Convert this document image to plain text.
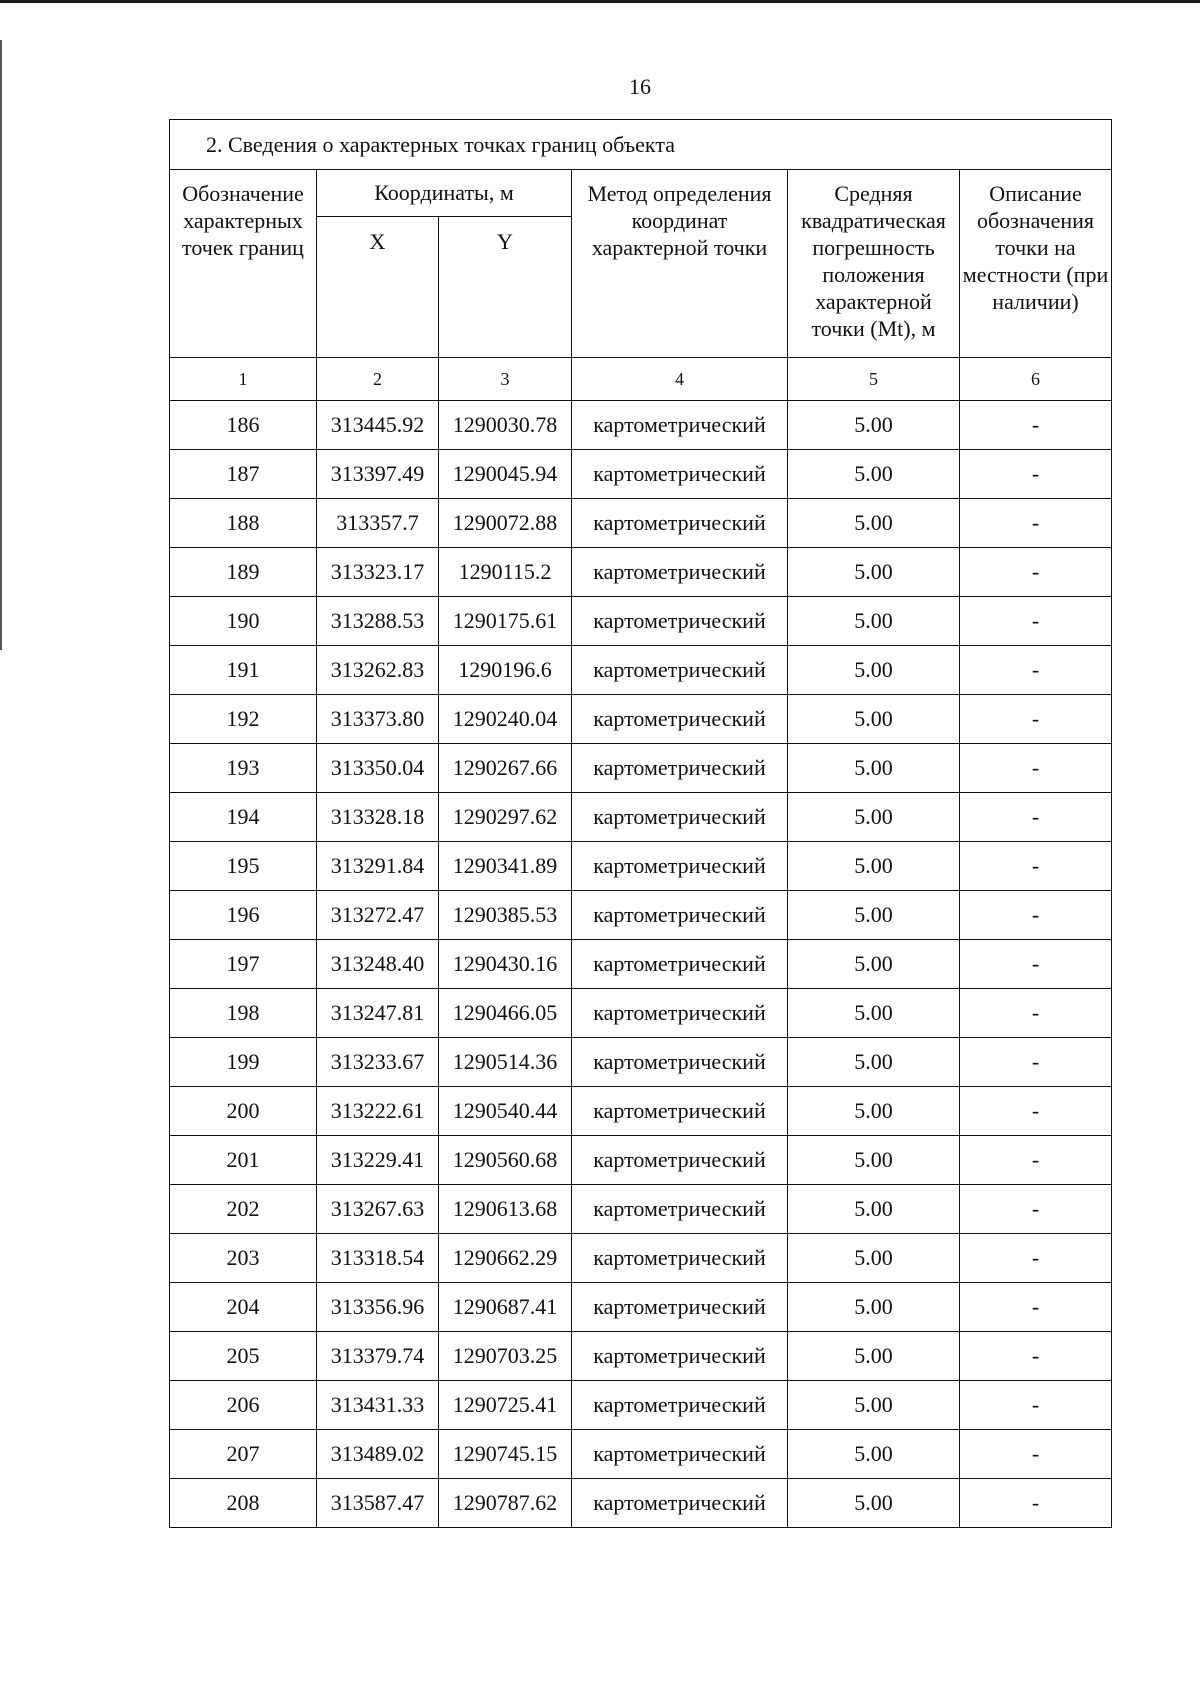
16
2. Сведения о характерных точках границ объекта					
Обозначение характерных точек границ	Координаты, м		Метод определения координат характерной точки	Средняя квадратическая погрешность положения характерной точки (Mt), м	Описание обозначения точки на местности (при наличии)
	X	Y			
1	2	3	4	5	6
186	313445.92	1290030.78	картометрический	5.00	-
187	313397.49	1290045.94	картометрический	5.00	-
188	313357.7	1290072.88	картометрический	5.00	-
189	313323.17	1290115.2	картометрический	5.00	-
190	313288.53	1290175.61	картометрический	5.00	-
191	313262.83	1290196.6	картометрический	5.00	-
192	313373.80	1290240.04	картометрический	5.00	-
193	313350.04	1290267.66	картометрический	5.00	-
194	313328.18	1290297.62	картометрический	5.00	-
195	313291.84	1290341.89	картометрический	5.00	-
196	313272.47	1290385.53	картометрический	5.00	-
197	313248.40	1290430.16	картометрический	5.00	-
198	313247.81	1290466.05	картометрический	5.00	-
199	313233.67	1290514.36	картометрический	5.00	-
200	313222.61	1290540.44	картометрический	5.00	-
201	313229.41	1290560.68	картометрический	5.00	-
202	313267.63	1290613.68	картометрический	5.00	-
203	313318.54	1290662.29	картометрический	5.00	-
204	313356.96	1290687.41	картометрический	5.00	-
205	313379.74	1290703.25	картометрический	5.00	-
206	313431.33	1290725.41	картометрический	5.00	-
207	313489.02	1290745.15	картометрический	5.00	-
208	313587.47	1290787.62	картометрический	5.00	-
